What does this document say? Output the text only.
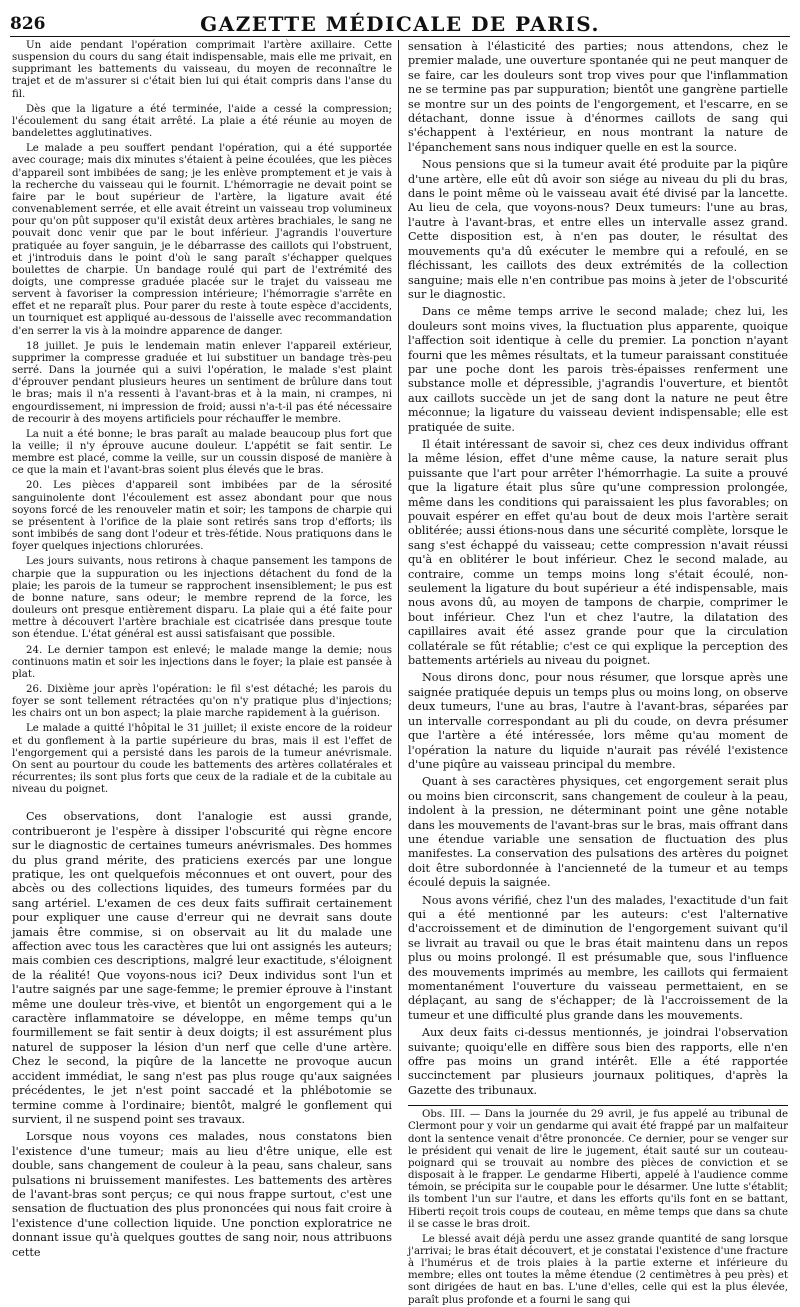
826	GAZETTE MÉDICALE DE PARIS.

Un aide pendant l'opération comprimait l'artère axillaire. Cette suspension du cours du sang était indispensable, mais elle me privait, en supprimant les battements du vaisseau, du moyen de reconnaître le trajet et de m'assurer si c'était bien lui qui était compris dans l'anse du fil.

Dès que la ligature a été terminée, l'aide a cessé la compression; l'écoulement du sang était arrêté. La plaie a été réunie au moyen de bandelettes agglutinatives.

Le malade a peu souffert pendant l'opération, qui a été supportée avec courage; mais dix minutes s'étaient à peine écoulées, que les pièces d'appareil sont imbibées de sang; je les enlève promptement et je vais à la recherche du vaisseau qui le fournit. L'hémorragie ne devait point se faire par le bout supérieur de l'artère, la ligature avait été convenablement serrée, et elle avait étreint un vaisseau trop volumineux pour qu'on pût supposer qu'il existât deux artères brachiales, le sang ne pouvait donc venir que par le bout inférieur. J'agrandis l'ouverture pratiquée au foyer sanguin, je le débarrasse des caillots qui l'obstruent, et j'introduis dans le point d'où le sang paraît s'échapper quelques boulettes de charpie. Un bandage roulé qui part de l'extrémité des doigts, une compresse graduée placée sur le trajet du vaisseau me servent à favoriser la compression intérieure; l'hémorragie s'arrête en effet et ne reparaît plus. Pour parer du reste à toute espèce d'accidents, un tourniquet est appliqué au-dessous de l'aisselle avec recommandation d'en serrer la vis à la moindre apparence de danger.

18 juillet. Je puis le lendemain matin enlever l'appareil extérieur, supprimer la compresse graduée et lui substituer un bandage très-peu serré. Dans la journée qui a suivi l'opération, le malade s'est plaint d'éprouver pendant plusieurs heures un sentiment de brûlure dans tout le bras; mais il n'a ressenti à l'avant-bras et à la main, ni crampes, ni engourdissement, ni impression de froid; aussi n'a-t-il pas été nécessaire de recourir à des moyens artificiels pour réchauffer le membre.

La nuit a été bonne; le bras paraît au malade beaucoup plus fort que la veille; il n'y éprouve aucune douleur. L'appétit se fait sentir. Le membre est placé, comme la veille, sur un coussin disposé de manière à ce que la main et l'avant-bras soient plus élevés que le bras.

20. Les pièces d'appareil sont imbibées par de la sérosité sanguinolente dont l'écoulement est assez abondant pour que nous soyons forcé de les renouveler matin et soir; les tampons de charpie qui se présentent à l'orifice de la plaie sont retirés sans trop d'efforts; ils sont imbibés de sang dont l'odeur et très-fétide. Nous pratiquons dans le foyer quelques injections chlorurées.

Les jours suivants, nous retirons à chaque pansement les tampons de charpie que la suppuration ou les injections détachent du fond de la plaie; les parois de la tumeur se rapprochent insensiblement; le pus est de bonne nature, sans odeur; le membre reprend de la force, les douleurs ont presque entièrement disparu. La plaie qui a été faite pour mettre à découvert l'artère brachiale est cicatrisée dans presque toute son étendue. L'état général est aussi satisfaisant que possible.

24. Le dernier tampon est enlevé; le malade mange la demie; nous continuons matin et soir les injections dans le foyer; la plaie est pansée à plat.

26. Dixième jour après l'opération: le fil s'est détaché; les parois du foyer se sont tellement rétractées qu'on n'y pratique plus d'injections; les chairs ont un bon aspect; la plaie marche rapidement à la guérison.

Le malade a quitté l'hôpital le 31 juillet; il existe encore de la roideur et du gonflement à la partie supérieure du bras, mais il est l'effet de l'engorgement qui a persisté dans les parois de la tumeur anévrismale. On sent au pourtour du coude les battements des artères collatérales et récurrentes; ils sont plus forts que ceux de la radiale et de la cubitale au niveau du poignet.

Ces observations, dont l'analogie est aussi grande, contribueront je l'espère à dissiper l'obscurité qui règne encore sur le diagnostic de certaines tumeurs anévrismales. Des hommes du plus grand mérite, des praticiens exercés par une longue pratique, les ont quelquefois méconnues et ont ouvert, pour des abcès ou des collections liquides, des tumeurs formées par du sang artériel. L'examen de ces deux faits suffirait certainement pour expliquer une cause d'erreur qui ne devrait sans doute jamais être commise, si on observait au lit du malade une affection avec tous les caractères que lui ont assignés les auteurs; mais combien ces descriptions, malgré leur exactitude, s'éloignent de la réalité! Que voyons-nous ici? Deux individus sont l'un et l'autre saignés par une sage-femme; le premier éprouve à l'instant même une douleur très-vive, et bientôt un engorgement qui a le caractère inflammatoire se développe, en même temps qu'un fourmillement se fait sentir à deux doigts; il est assurément plus naturel de supposer la lésion d'un nerf que celle d'une artère. Chez le second, la piqûre de la lancette ne provoque aucun accident immédiat, le sang n'est pas plus rouge qu'aux saignées précédentes, le jet n'est point saccadé et la phlébotomie se termine comme à l'ordinaire; bientôt, malgré le gonflement qui survient, il ne suspend point ses travaux.

Lorsque nous voyons ces malades, nous constatons bien l'existence d'une tumeur; mais au lieu d'être unique, elle est double, sans changement de couleur à la peau, sans chaleur, sans pulsations ni bruissement manifestes. Les battements des artères de l'avant-bras sont perçus; ce qui nous frappe surtout, c'est une sensation de fluctuation des plus prononcées qui nous fait croire à l'existence d'une collection liquide. Une ponction exploratrice ne donnant issue qu'à quelques gouttes de sang noir, nous attribuons cette

sensation à l'élasticité des parties; nous attendons, chez le premier malade, une ouverture spontanée qui ne peut manquer de se faire, car les douleurs sont trop vives pour que l'inflammation ne se termine pas par suppuration; bientôt une gangrène partielle se montre sur un des points de l'engorgement, et l'escarre, en se détachant, donne issue à d'énormes caillots de sang qui s'échappent à l'extérieur, en nous montrant la nature de l'épanchement sans nous indiquer quelle en est la source.

Nous pensions que si la tumeur avait été produite par la piqûre d'une artère, elle eût dû avoir son siége au niveau du pli du bras, dans le point même où le vaisseau avait été divisé par la lancette. Au lieu de cela, que voyons-nous? Deux tumeurs: l'une au bras, l'autre à l'avant-bras, et entre elles un intervalle assez grand. Cette disposition est, à n'en pas douter, le résultat des mouvements qu'a dû exécuter le membre qui a refoulé, en se fléchissant, les caillots des deux extrémités de la collection sanguine; mais elle n'en contribue pas moins à jeter de l'obscurité sur le diagnostic.

Dans ce même temps arrive le second malade; chez lui, les douleurs sont moins vives, la fluctuation plus apparente, quoique l'affection soit identique à celle du premier. La ponction n'ayant fourni que les mêmes résultats, et la tumeur paraissant constituée par une poche dont les parois très-épaisses renferment une substance molle et dépressible, j'agrandis l'ouverture, et bientôt aux caillots succède un jet de sang dont la nature ne peut être méconnue; la ligature du vaisseau devient indispensable; elle est pratiquée de suite.

Il était intéressant de savoir si, chez ces deux individus offrant la même lésion, effet d'une même cause, la nature serait plus puissante que l'art pour arrêter l'hémorrhagie. La suite a prouvé que la ligature était plus sûre qu'une compression prolongée, même dans les conditions qui paraissaient les plus favorables; on pouvait espérer en effet qu'au bout de deux mois l'artère serait oblitérée; aussi étions-nous dans une sécurité complète, lorsque le sang s'est échappé du vaisseau; cette compression n'avait réussi qu'à en oblitérer le bout inférieur. Chez le second malade, au contraire, comme un temps moins long s'était écoulé, non-seulement la ligature du bout supérieur a été indispensable, mais nous avons dû, au moyen de tampons de charpie, comprimer le bout inférieur. Chez l'un et chez l'autre, la dilatation des capillaires avait été assez grande pour que la circulation collatérale se fût rétablie; c'est ce qui explique la perception des battements artériels au niveau du poignet.

Nous dirons donc, pour nous résumer, que lorsque après une saignée pratiquée depuis un temps plus ou moins long, on observe deux tumeurs, l'une au bras, l'autre à l'avant-bras, séparées par un intervalle correspondant au pli du coude, on devra présumer que l'artère a été intéressée, lors même qu'au moment de l'opération la nature du liquide n'aurait pas révélé l'existence d'une piqûre au vaisseau principal du membre.

Quant à ses caractères physiques, cet engorgement serait plus ou moins bien circonscrit, sans changement de couleur à la peau, indolent à la pression, ne déterminant point une gêne notable dans les mouvements de l'avant-bras sur le bras, mais offrant dans une étendue variable une sensation de fluctuation des plus manifestes. La conservation des pulsations des artères du poignet doit être subordonnée à l'ancienneté de la tumeur et au temps écoulé depuis la saignée.

Nous avons vérifié, chez l'un des malades, l'exactitude d'un fait qui a été mentionné par les auteurs: c'est l'alternative d'accroissement et de diminution de l'engorgement suivant qu'il se livrait au travail ou que le bras était maintenu dans un repos plus ou moins prolongé. Il est présumable que, sous l'influence des mouvements imprimés au membre, les caillots qui fermaient momentanément l'ouverture du vaisseau permettaient, en se déplaçant, au sang de s'échapper; de là l'accroissement de la tumeur et une difficulté plus grande dans les mouvements.

Aux deux faits ci-dessus mentionnés, je joindrai l'observation suivante; quoiqu'elle en diffère sous bien des rapports, elle n'en offre pas moins un grand intérêt. Elle a été rapportée succinctement par plusieurs journaux politiques, d'après la Gazette des tribunaux.

Obs. III. — Dans la journée du 29 avril, je fus appelé au tribunal de Clermont pour y voir un gendarme qui avait été frappé par un malfaiteur dont la sentence venait d'être prononcée. Ce dernier, pour se venger sur le président qui venait de lire le jugement, était sauté sur un couteau-poignard qui se trouvait au nombre des pièces de conviction et se disposait à le frapper. Le gendarme Hiberti, appelé à l'audience comme témoin, se précipita sur le coupable pour le désarmer. Une lutte s'établit; ils tombent l'un sur l'autre, et dans les efforts qu'ils font en se battant, Hiberti reçoit trois coups de couteau, en même temps que dans sa chute il se casse le bras droit.

Le blessé avait déjà perdu une assez grande quantité de sang lorsque j'arrivai; le bras était découvert, et je constatai l'existence d'une fracture à l'humérus et de trois plaies à la partie externe et inférieure du membre; elles ont toutes la même étendue (2 centimètres à peu près) et sont dirigées de haut en bas. L'une d'elles, celle qui est la plus élevée, paraît plus profonde et a fourni le sang qui
